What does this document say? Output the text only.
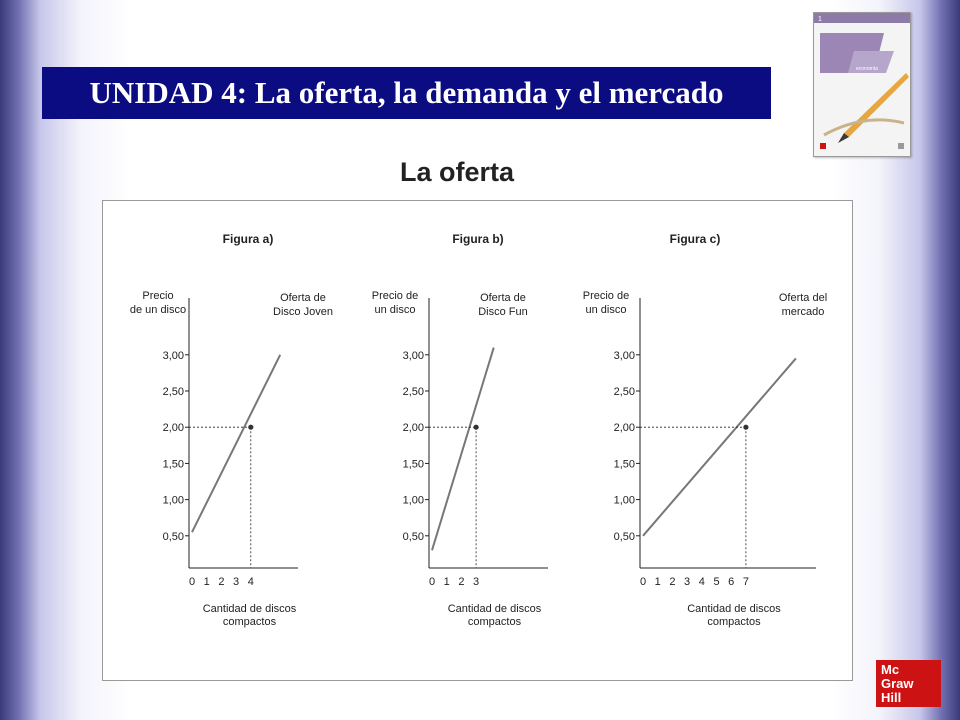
UNIDAD 4: La oferta, la demanda y el mercado
1
economía
La oferta
Figura a)
Precio
de un disco
0,50
1,00
1,50
2,00
2,50
3,00
0 1 2 3 4
Cantidad de discos
compactos
Oferta de
Disco Joven
Figura b)
Precio de
un disco
0,50
1,00
1,50
2,00
2,50
3,00
0 1 2 3
Cantidad de discos
compactos
Oferta de
Disco Fun
Figura c)
Precio de
un disco
0,50
1,00
1,50
2,00
2,50
3,00
0 1 2 3 4 5 6 7
Cantidad de discos
compactos
Oferta del
mercado
Mc
Graw
Hill
